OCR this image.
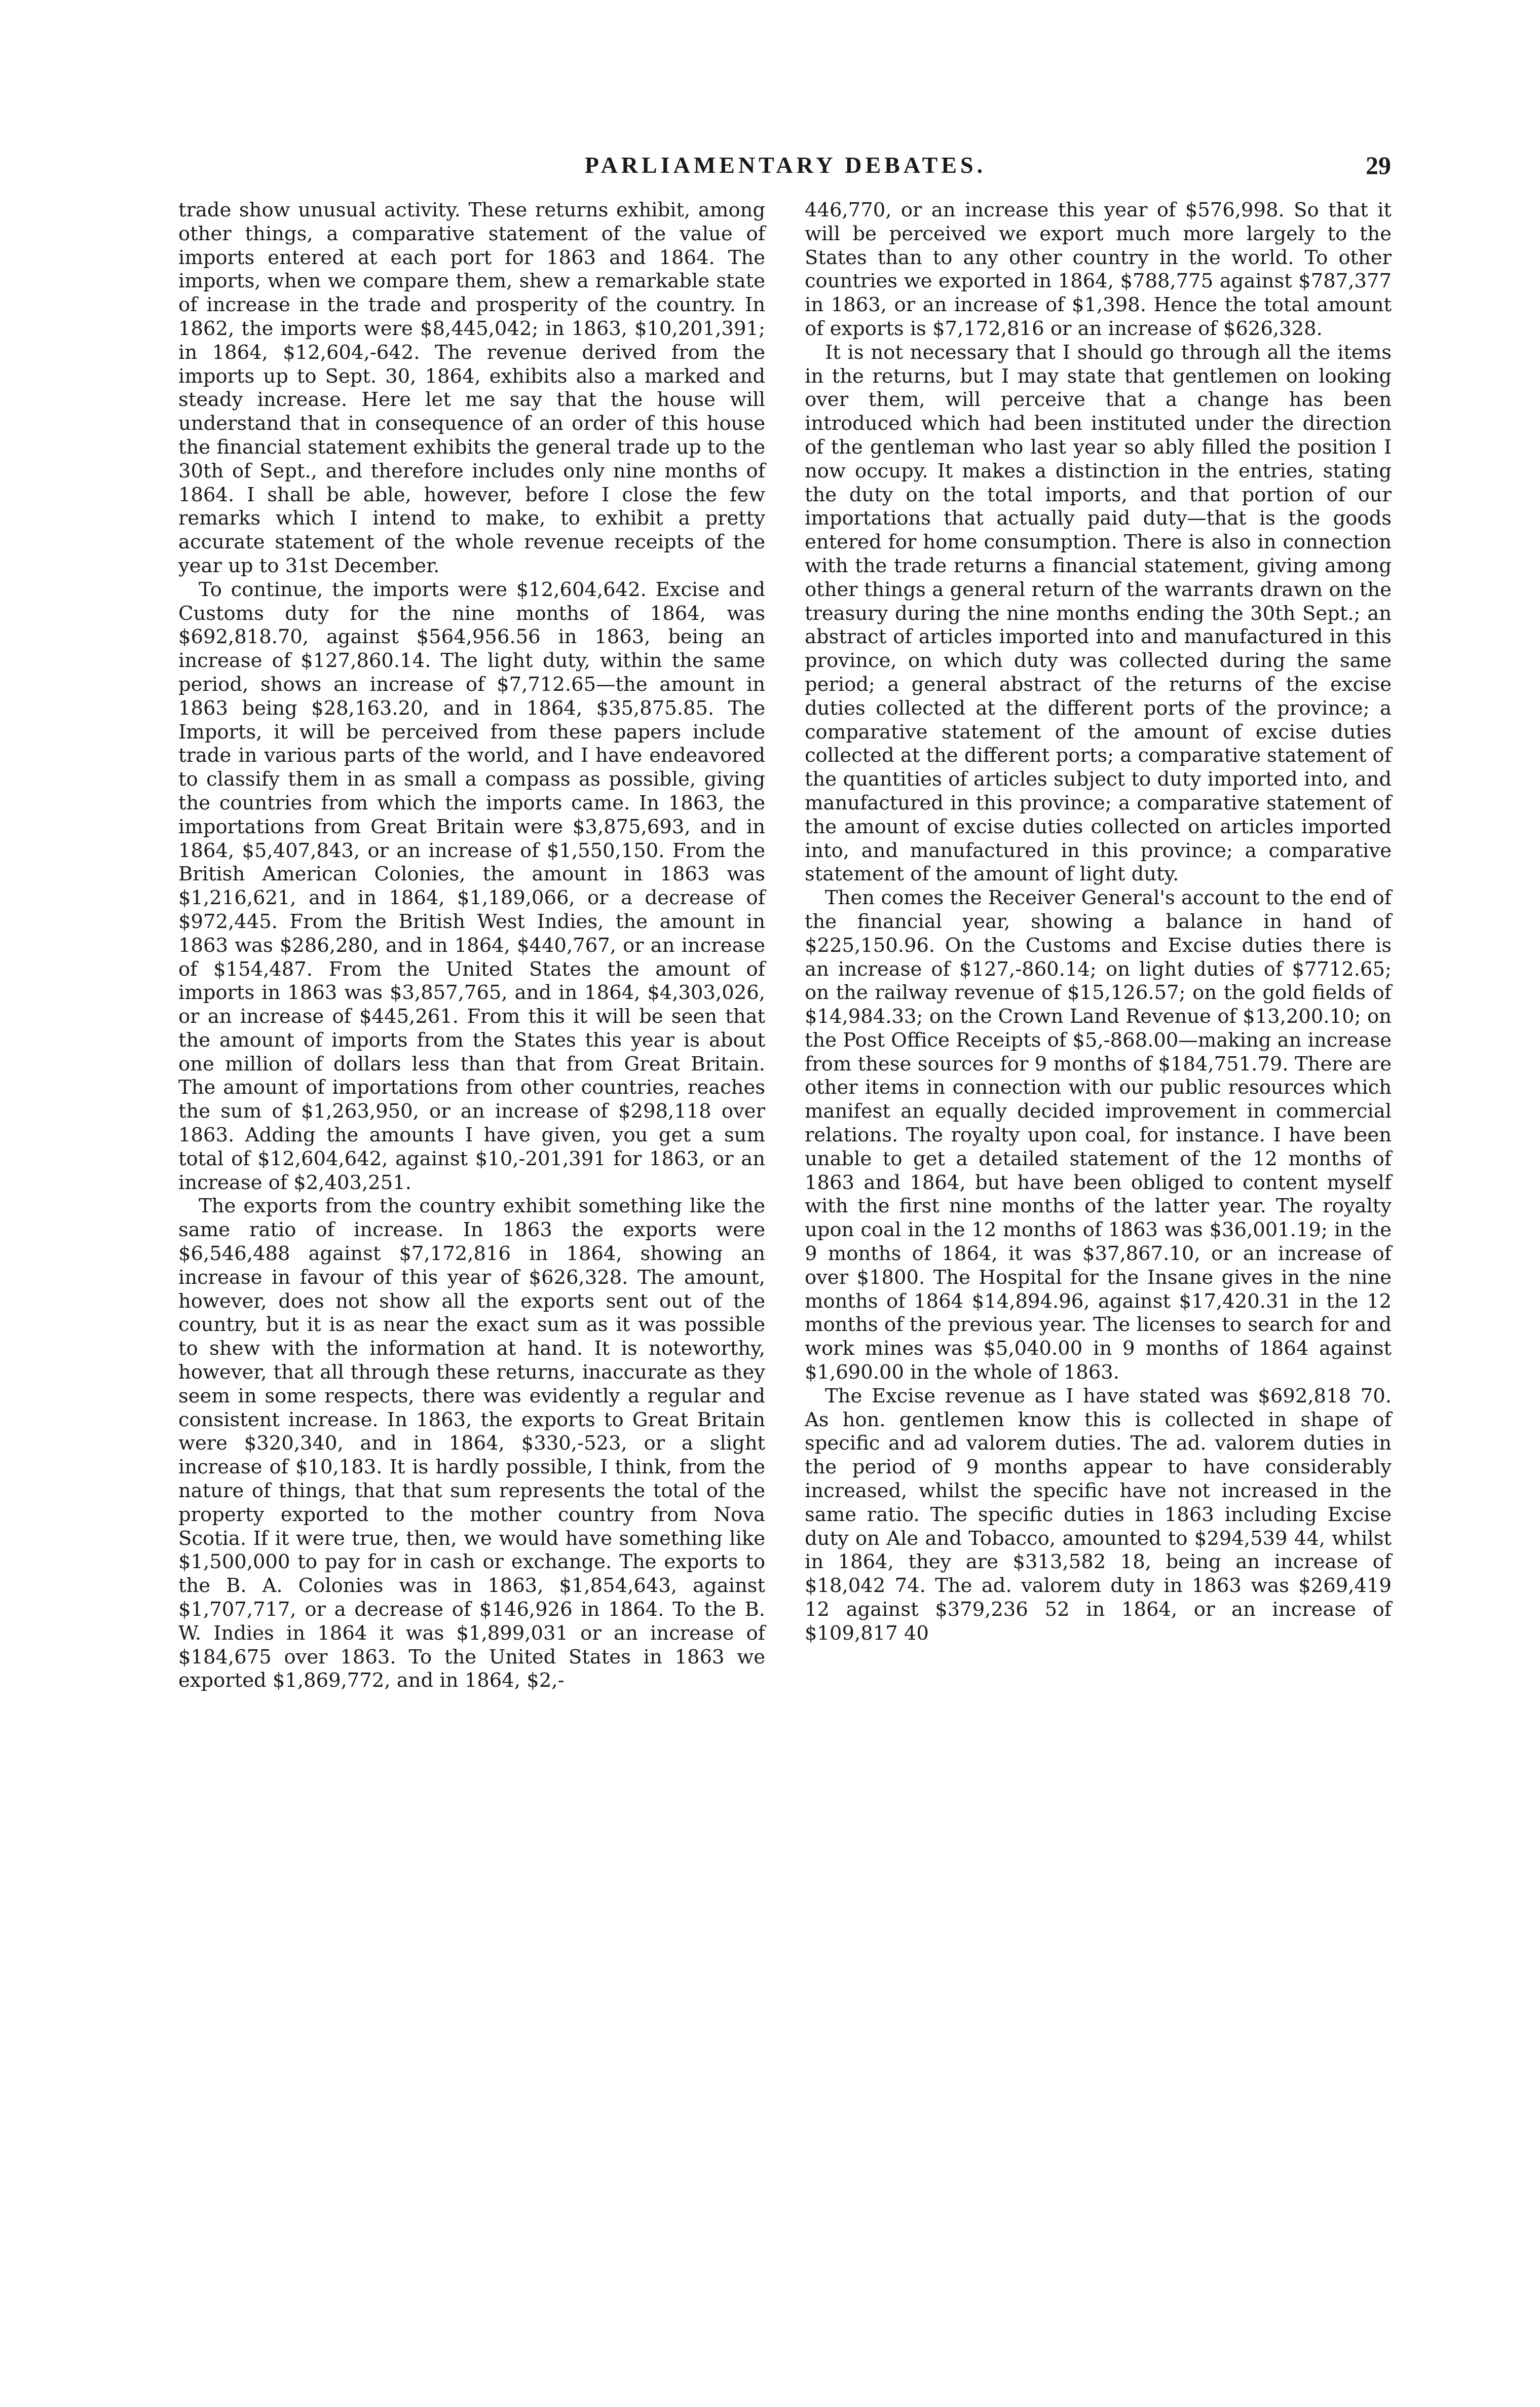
PARLIAMENTARY DEBATES.	29

trade show unusual activity. These returns exhibit, among other things, a comparative statement of the value of imports entered at each port for 1863 and 1864. The imports, when we compare them, shew a remarkable state of increase in the trade and prosperity of the country. In 1862, the imports were $8,445,042; in 1863, $10,201,391; in 1864, $12,604,-642. The revenue derived from the imports up to Sept. 30, 1864, exhibits also a marked and steady increase. Here let me say that the house will understand that in consequence of an order of this house the financial statement exhibits the general trade up to the 30th of Sept., and therefore includes only nine months of 1864. I shall be able, however, before I close the few remarks which I intend to make, to exhibit a pretty accurate statement of the whole revenue receipts of the year up to 31st December.

To continue, the imports were $12,604,642. Excise and Customs duty for the nine months of 1864, was $692,818.70, against $564,956.56 in 1863, being an increase of $127,860.14. The light duty, within the same period, shows an increase of $7,712.65—the amount in 1863 being $28,163.20, and in 1864, $35,875.85. The Imports, it will be perceived from these papers include trade in various parts of the world, and I have endeavored to classify them in as small a compass as possible, giving the countries from which the imports came. In 1863, the importations from Great Britain were $3,875,693, and in 1864, $5,407,843, or an increase of $1,550,150. From the British American Colonies, the amount in 1863 was $1,216,621, and in 1864, $1,189,066, or a decrease of $972,445. From the British West Indies, the amount in 1863 was $286,280, and in 1864, $440,767, or an increase of $154,487. From the United States the amount of imports in 1863 was $3,857,765, and in 1864, $4,303,026, or an increase of $445,261. From this it will be seen that the amount of imports from the States this year is about one million of dollars less than that from Great Britain. The amount of importations from other countries, reaches the sum of $1,263,950, or an increase of $298,118 over 1863. Adding the amounts I have given, you get a sum total of $12,604,642, against $10,-201,391 for 1863, or an increase of $2,403,251.

The exports from the country exhibit something like the same ratio of increase. In 1863 the exports were $6,546,488 against $7,172,816 in 1864, showing an increase in favour of this year of $626,328. The amount, however, does not show all the exports sent out of the country, but it is as near the exact sum as it was possible to shew with the information at hand. It is noteworthy, however, that all through these returns, inaccurate as they seem in some respects, there was evidently a regular and consistent increase. In 1863, the exports to Great Britain were $320,340, and in 1864, $330,-523, or a slight increase of $10,183. It is hardly possible, I think, from the nature of things, that that sum represents the total of the property exported to the mother country from Nova Scotia. If it were true, then, we would have something like $1,500,000 to pay for in cash or exchange. The exports to the B. A. Colonies was in 1863, $1,854,643, against $1,707,717, or a decrease of $146,926 in 1864. To the B. W. Indies in 1864 it was $1,899,031 or an increase of $184,675 over 1863. To the United States in 1863 we exported $1,869,772, and in 1864, $2,-

446,770, or an increase this year of $576,998. So that it will be perceived we export much more largely to the States than to any other country in the world. To other countries we exported in 1864, $788,775 against $787,377 in 1863, or an increase of $1,398. Hence the total amount of exports is $7,172,816 or an increase of $626,328.

It is not necessary that I should go through all the items in the returns, but I may state that gentlemen on looking over them, will perceive that a change has been introduced which had been instituted under the direction of the gentleman who last year so ably filled the position I now occupy. It makes a distinction in the entries, stating the duty on the total imports, and that portion of our importations that actually paid duty—that is the goods entered for home consumption. There is also in connection with the trade returns a financial statement, giving among other things a general return of the warrants drawn on the treasury during the nine months ending the 30th Sept.; an abstract of articles imported into and manufactured in this province, on which duty was collected during the same period; a general abstract of the returns of the excise duties collected at the different ports of the province; a comparative statement of the amount of excise duties collected at the different ports; a comparative statement of the quantities of articles subject to duty imported into, and manufactured in this province; a comparative statement of the amount of excise duties collected on articles imported into, and manufactured in this province; a comparative statement of the amount of light duty.

Then comes the Receiver General's account to the end of the financial year, showing a balance in hand of $225,150.96. On the Customs and Excise duties there is an increase of $127,-860.14; on light duties of $7712.65; on the railway revenue of $15,126.57; on the gold fields of $14,984.33; on the Crown Land Revenue of $13,200.10; on the Post Office Receipts of $5,-868.00—making an increase from these sources for 9 months of $184,751.79. There are other items in connection with our public resources which manifest an equally decided improvement in commercial relations. The royalty upon coal, for instance. I have been unable to get a detailed statement of the 12 months of 1863 and 1864, but have been obliged to content myself with the first nine months of the latter year. The royalty upon coal in the 12 months of 1863 was $36,001.19; in the 9 months of 1864, it was $37,867.10, or an increase of over $1800. The Hospital for the Insane gives in the nine months of 1864 $14,894.96, against $17,420.31 in the 12 months of the previous year. The licenses to search for and work mines was $5,040.00 in 9 months of 1864 against $1,690.00 in the whole of 1863.

The Excise revenue as I have stated was $692,818 70. As hon. gentlemen know this is collected in shape of specific and ad valorem duties. The ad. valorem duties in the period of 9 months appear to have considerably increased, whilst the specific have not increased in the same ratio. The specific duties in 1863 including Excise duty on Ale and Tobacco, amounted to $294,539 44, whilst in 1864, they are $313,582 18, being an increase of $18,042 74. The ad. valorem duty in 1863 was $269,419 12 against $379,236 52 in 1864, or an increase of $109,817 40
